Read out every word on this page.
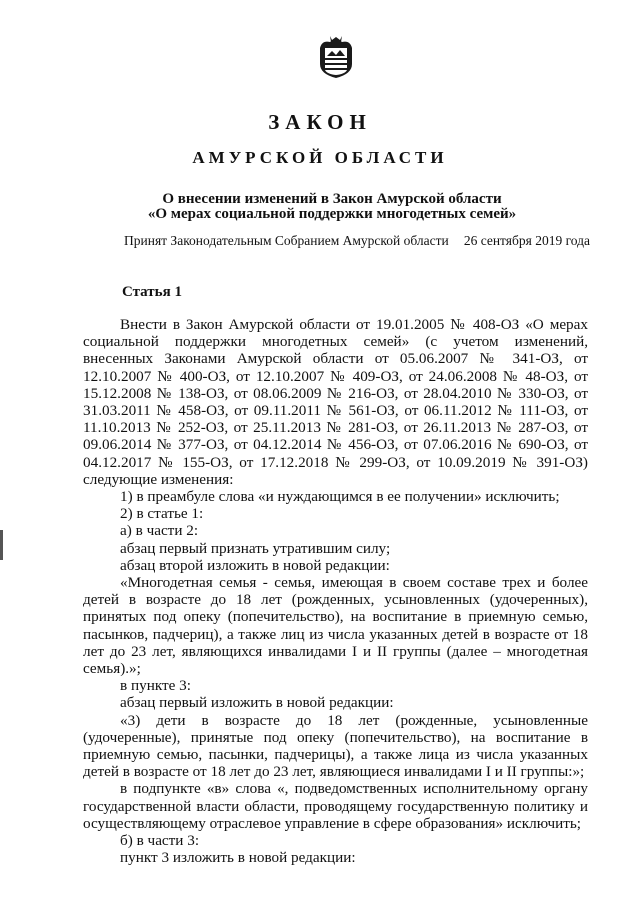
ЗАКОН
АМУРСКОЙ ОБЛАСТИ
О внесении изменений в Закон Амурской области
«О мерах социальной поддержки многодетных семей»
Принят Законодательным Собранием Амурской области 26 сентября 2019 года
Статья 1

Внести в Закон Амурской области от 19.01.2005 № 408-ОЗ «О мерах социальной поддержки многодетных семей» (с учетом изменений, внесенных Законами Амурской области от 05.06.2007 № 341-ОЗ, от 12.10.2007 № 400-ОЗ, от 12.10.2007 № 409-ОЗ, от 24.06.2008 № 48-ОЗ, от 15.12.2008 № 138-ОЗ, от 08.06.2009 № 216-ОЗ, от 28.04.2010 № 330-ОЗ, от 31.03.2011 № 458-ОЗ, от 09.11.2011 № 561-ОЗ, от 06.11.2012 № 111-ОЗ, от 11.10.2013 № 252-ОЗ, от 25.11.2013 № 281-ОЗ, от 26.11.2013 № 287-ОЗ, от 09.06.2014 № 377-ОЗ, от 04.12.2014 № 456-ОЗ, от 07.06.2016 № 690-ОЗ, от 04.12.2017 № 155-ОЗ, от 17.12.2018 № 299-ОЗ, от 10.09.2019 № 391-ОЗ) следующие изменения:

1) в преамбуле слова «и нуждающимся в ее получении» исключить;

2) в статье 1:

а) в части 2:

абзац первый признать утратившим силу;

абзац второй изложить в новой редакции:

«Многодетная семья - семья, имеющая в своем составе трех и более детей в возрасте до 18 лет (рожденных, усыновленных (удочеренных), принятых под опеку (попечительство), на воспитание в приемную семью, пасынков, падчериц), а также лиц из числа указанных детей в возрасте от 18 лет до 23 лет, являющихся инвалидами I и II группы (далее – многодетная семья).»;

в пункте 3:

абзац первый изложить в новой редакции:

«3) дети в возрасте до 18 лет (рожденные, усыновленные (удочеренные), принятые под опеку (попечительство), на воспитание в приемную семью, пасынки, падчерицы), а также лица из числа указанных детей в возрасте от 18 лет до 23 лет, являющиеся инвалидами I и II группы:»;

в подпункте «в» слова «, подведомственных исполнительному органу государственной власти области, проводящему государственную политику и осуществляющему отраслевое управление в сфере образования» исключить;

б) в части 3:

пункт 3 изложить в новой редакции:
